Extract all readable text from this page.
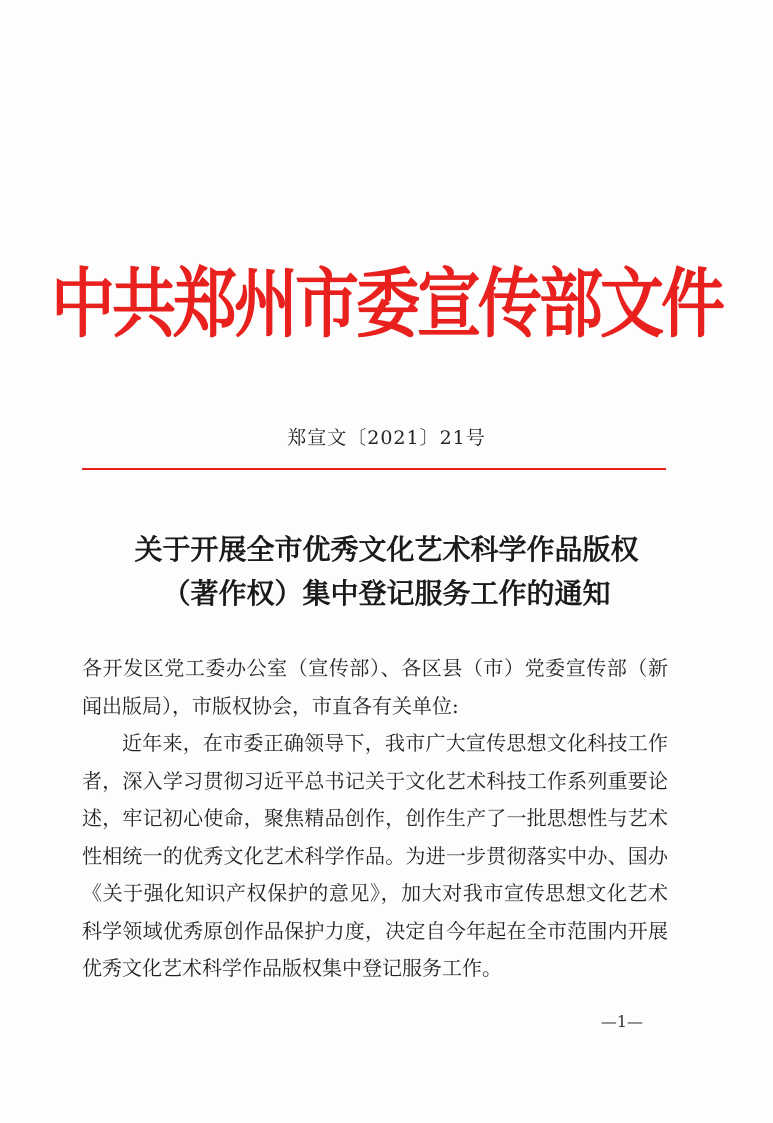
中共郑州市委宣传部文件
郑宣文〔2021〕21号
关于开展全市优秀文化艺术科学作品版权
（著作权）集中登记服务工作的通知

各开发区党工委办公室（宣传部）、各区县（市）党委宣传部（新闻出版局），市版权协会，市直各有关单位:

近年来，在市委正确领导下，我市广大宣传思想文化科技工作者，深入学习贯彻习近平总书记关于文化艺术科技工作系列重要论述，牢记初心使命，聚焦精品创作，创作生产了一批思想性与艺术性相统一的优秀文化艺术科学作品。为进一步贯彻落实中办、国办《关于强化知识产权保护的意见》，加大对我市宣传思想文化艺术科学领域优秀原创作品保护力度，决定自今年起在全市范围内开展优秀文化艺术科学作品版权集中登记服务工作。

—1—
